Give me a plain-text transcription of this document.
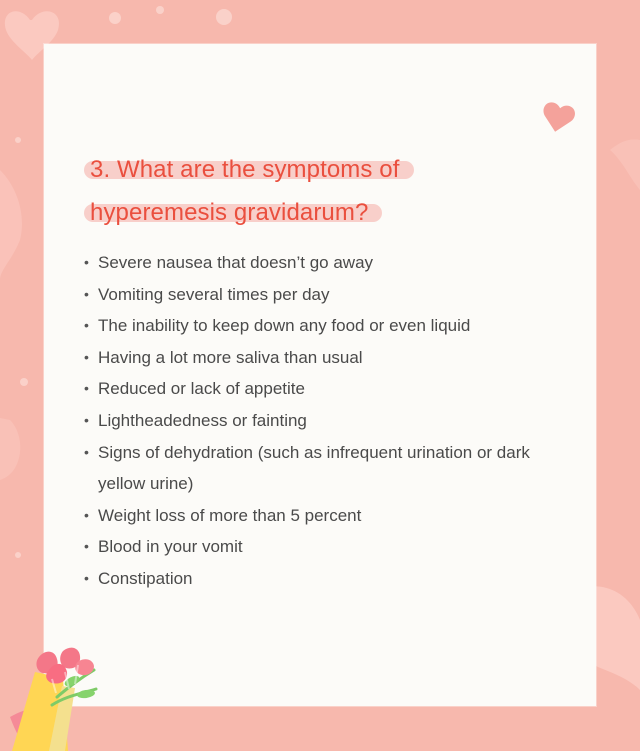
3. What are the symptoms of
hyperemesis gravidarum?
• Severe nausea that doesn’t go away
• Vomiting several times per day
• The inability to keep down any food or even liquid
• Having a lot more saliva than usual
• Reduced or lack of appetite
• Lightheadedness or fainting
• Signs of dehydration (such as infrequent urination or dark yellow urine)
• Weight loss of more than 5 percent
• Blood in your vomit
• Constipation
